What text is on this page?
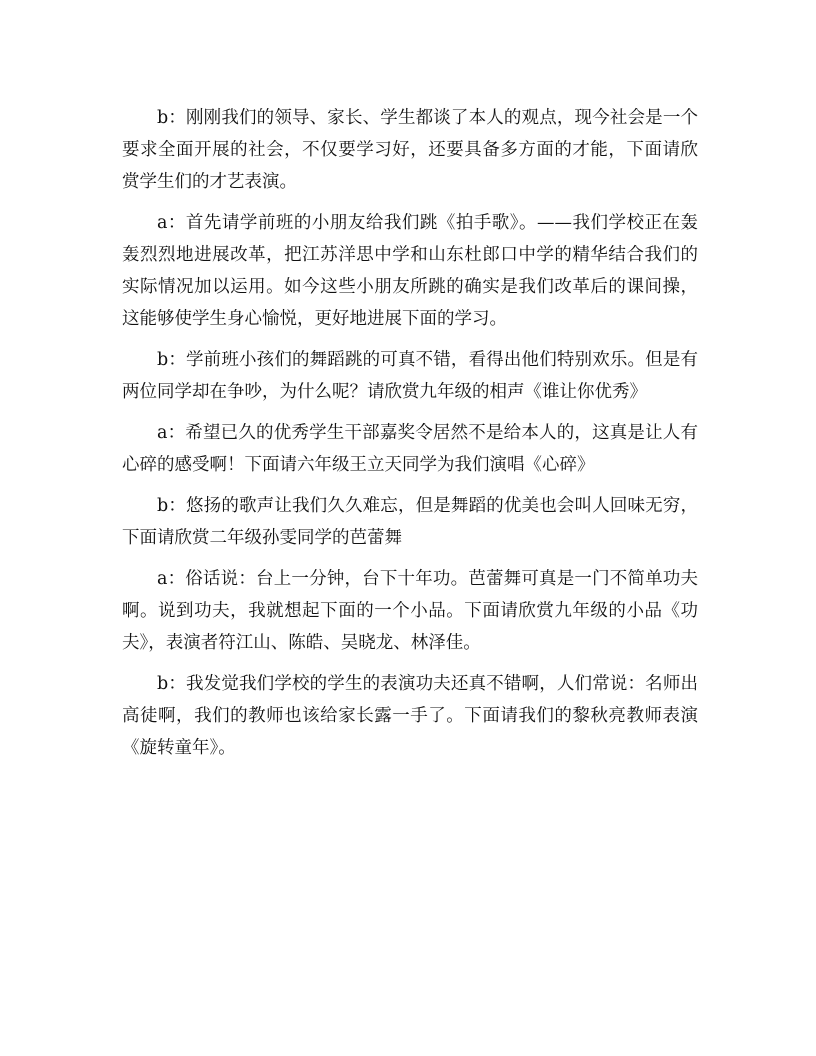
b：刚刚我们的领导、家长、学生都谈了本人的观点，现今社会是一个要求全面开展的社会，不仅要学习好，还要具备多方面的才能，下面请欣赏学生们的才艺表演。

a：首先请学前班的小朋友给我们跳《拍手歌》。——我们学校正在轰轰烈烈地进展改革，把江苏洋思中学和山东杜郎口中学的精华结合我们的实际情况加以运用。如今这些小朋友所跳的确实是我们改革后的课间操，这能够使学生身心愉悦，更好地进展下面的学习。

b：学前班小孩们的舞蹈跳的可真不错，看得出他们特别欢乐。但是有两位同学却在争吵，为什么呢？请欣赏九年级的相声《谁让你优秀》

a：希望已久的优秀学生干部嘉奖令居然不是给本人的，这真是让人有心碎的感受啊！下面请六年级王立天同学为我们演唱《心碎》

b：悠扬的歌声让我们久久难忘，但是舞蹈的优美也会叫人回味无穷，下面请欣赏二年级孙雯同学的芭蕾舞

a：俗话说：台上一分钟，台下十年功。芭蕾舞可真是一门不简单功夫啊。说到功夫，我就想起下面的一个小品。下面请欣赏九年级的小品《功夫》，表演者符江山、陈皓、吴晓龙、林泽佳。

b：我发觉我们学校的学生的表演功夫还真不错啊，人们常说：名师出高徒啊，我们的教师也该给家长露一手了。下面请我们的黎秋亮教师表演《旋转童年》。
